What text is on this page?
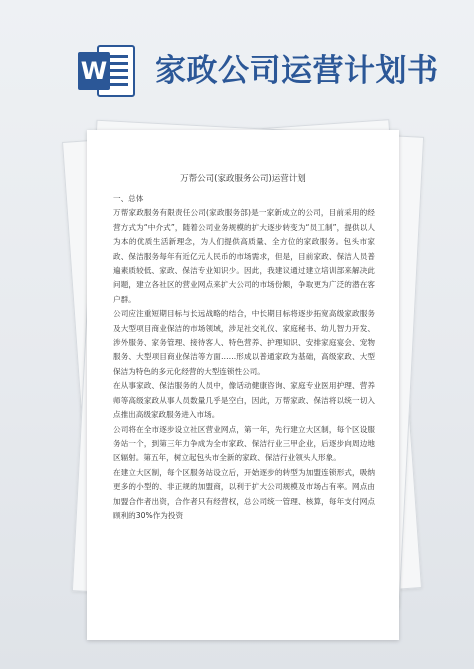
W 家政公司运营计划书
万帮公司(家政服务公司)运营计划

一、总体

万帮家政服务有限责任公司(家政服务部)是一家新成立的公司，目前采用的经营方式为“中介式”，随着公司业务规模的扩大逐步转变为“员工制”，提供以人为本的优质生活新理念，为人们提供高质量、全方位的家政服务。包头市家政、保洁服务每年有近亿元人民币的市场需求，但是，目前家政、保洁人员普遍素质较低、家政、保洁专业知识少。因此，我建议通过建立培训部来解决此问题，建立各社区的营业网点来扩大公司的市场份额，争取更为广泛的潜在客户群。

公司应注重短期目标与长远战略的结合，中长期目标将逐步拓宽高级家政服务及大型项目商业保洁的市场领域，涉足社交礼仪、家庭秘书、幼儿智力开发、涉外服务、家务管理、接待客人、特色营养、护理知识、安排家庭宴会、宠物服务、大型项目商业保洁等方面……形成以普通家政为基础，高级家政、大型保洁为特色的多元化经营的大型连锁性公司。

在从事家政、保洁服务的人员中，像话动健康咨询、家庭专业医用护理、营养师等高级家政从事人员数量几乎是空白，因此，万帮家政、保洁将以统一切入点推出高级家政服务进入市场。

公司将在全市逐步设立社区营业网点，第一年，先行建立大区制，每个区设服务站一个，到第三年力争成为全市家政、保洁行业三甲企业，后逐步向周边地区辐射。第五年，树立起包头市全新的家政、保洁行业领头人形象。

在建立大区制，每个区服务站设立后，开始逐步的转型为加盟连锁形式，吸纳更多的小型的、非正规的加盟商，以利于扩大公司规模及市场占有率。网点由加盟合作者出资，合作者只有经营权，总公司统一管理、核算，每年支付网点顾利的30%作为投资
